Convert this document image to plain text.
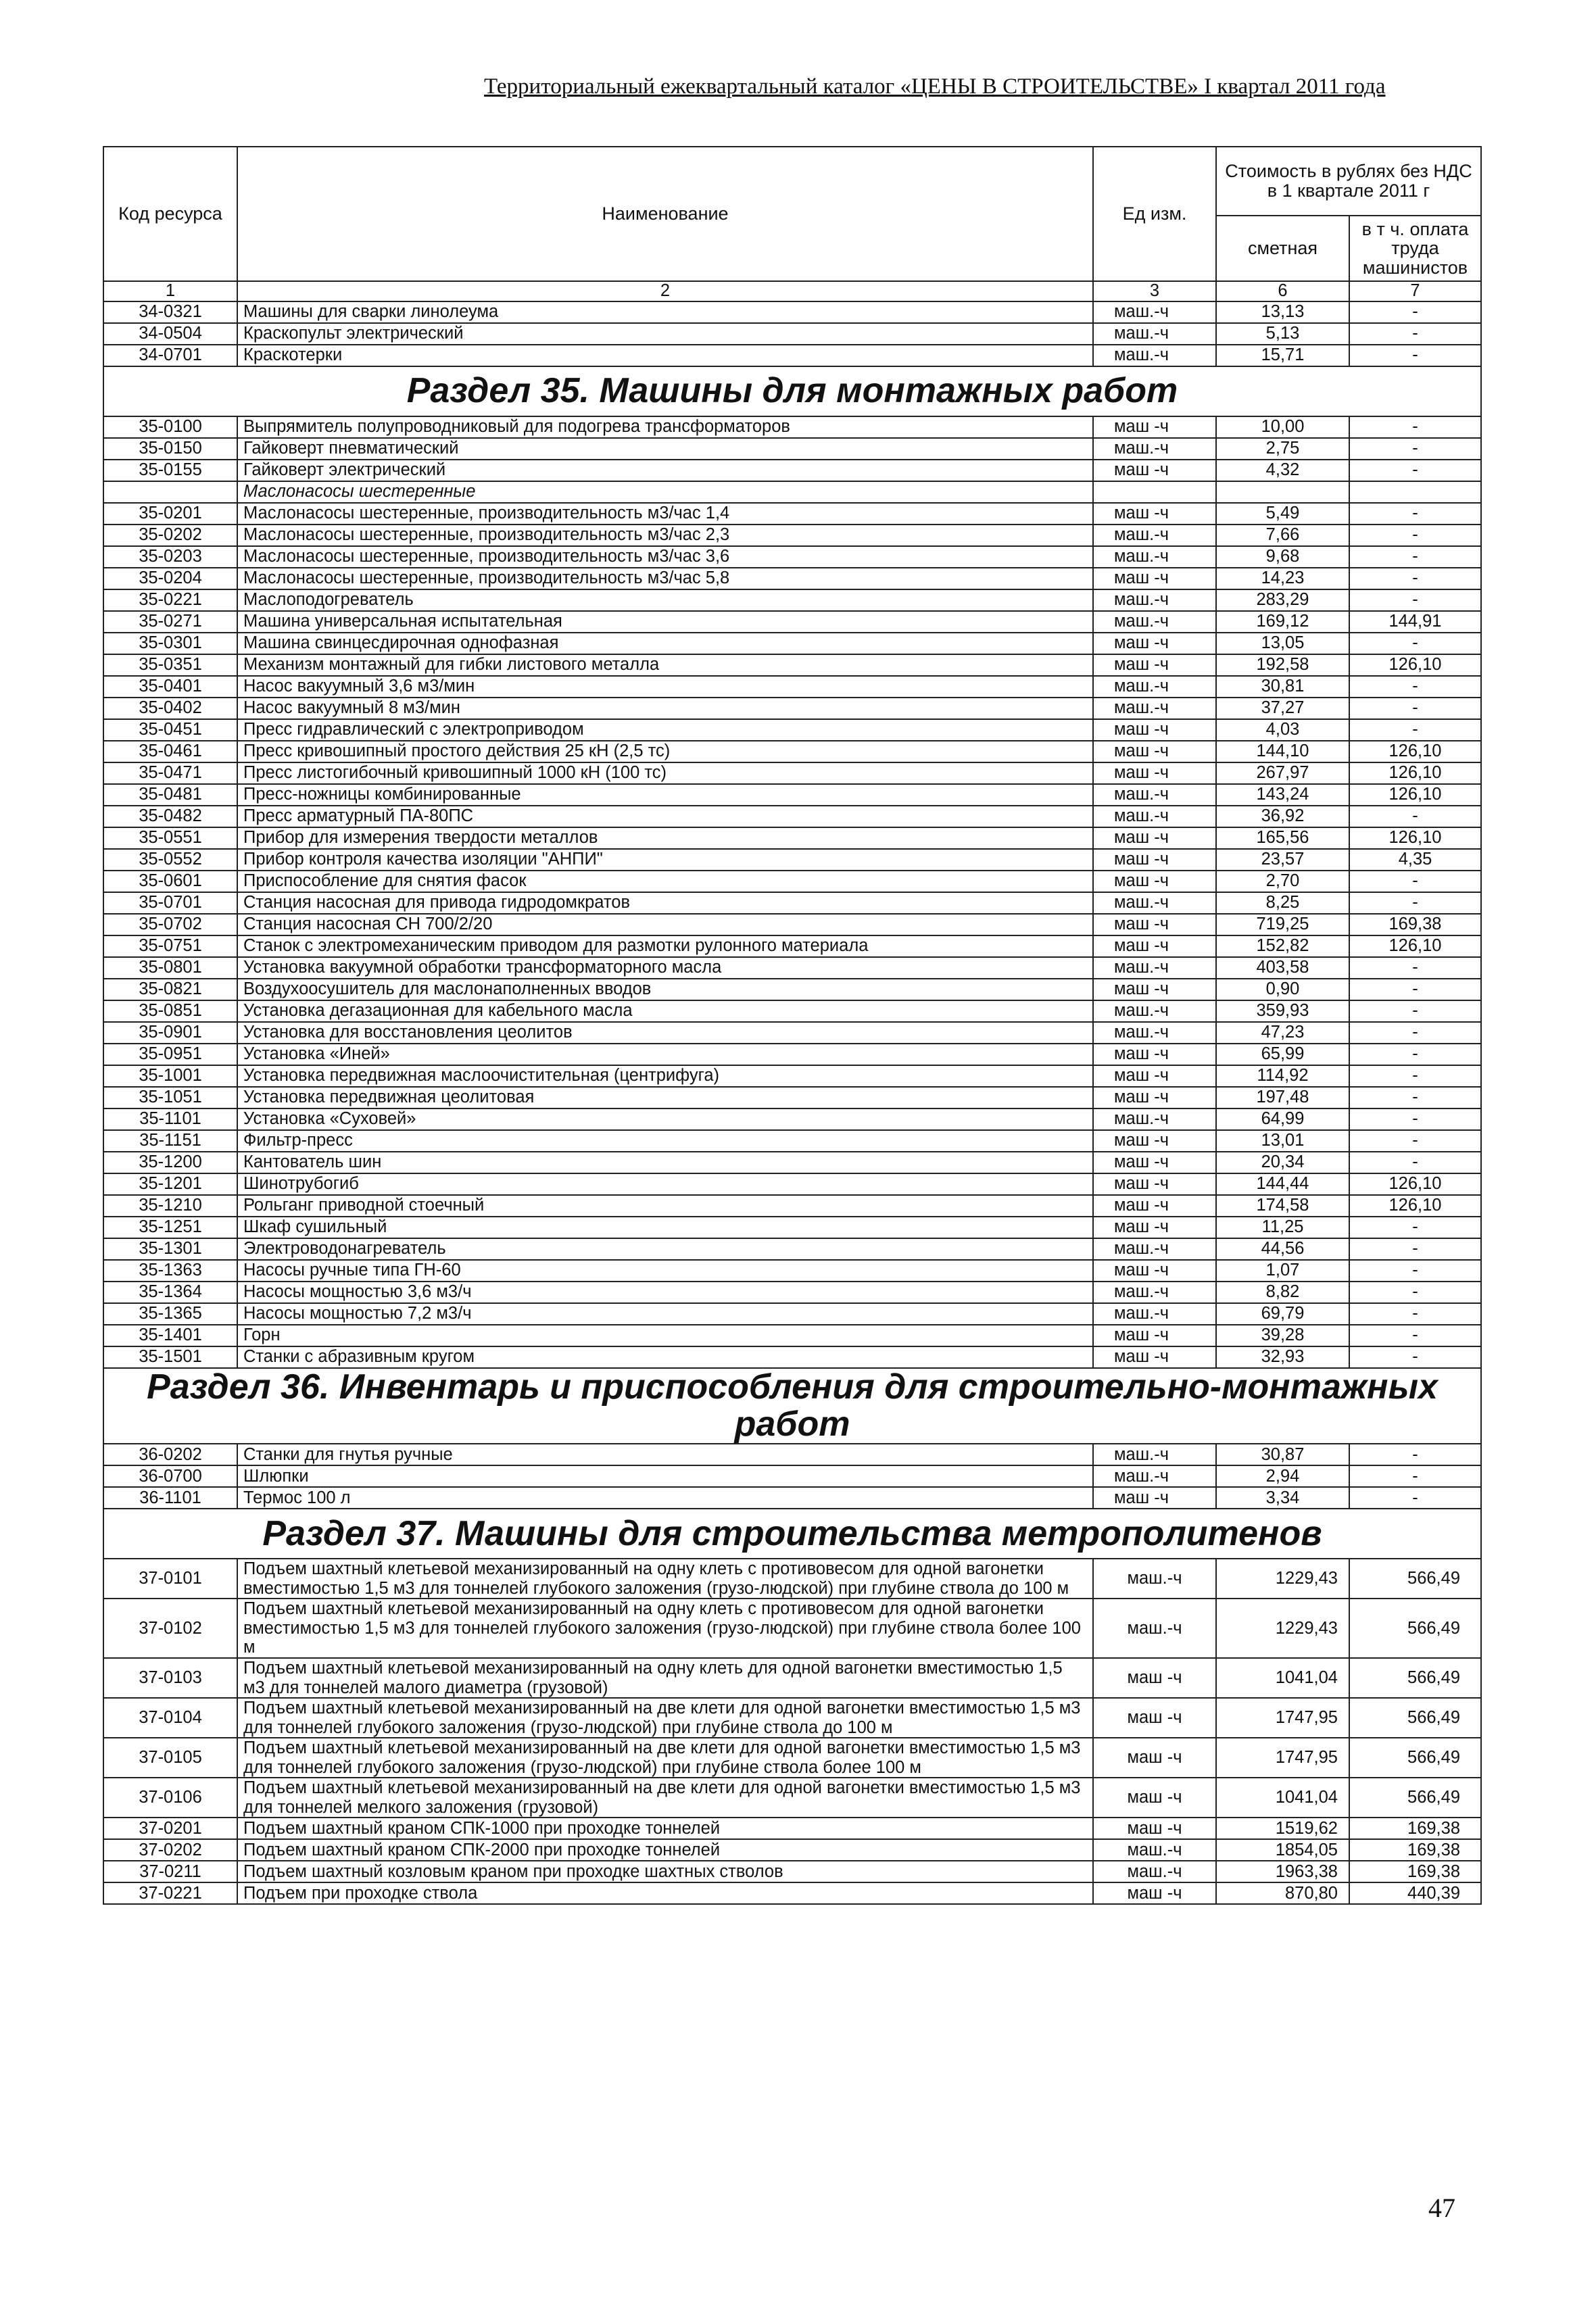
Территориальный ежеквартальный каталог «ЦЕНЫ В СТРОИТЕЛЬСТВЕ» I квартал 2011 года
Код ресурса	Наименование	Ед изм.	Стоимость в рублях без НДС в 1 квартале 2011 г	
			сметная	в т ч. оплата труда машинистов

1	2	3	6	7
34-0321	Машины для сварки линолеума	маш.-ч	13,13	-
34-0504	Краскопульт электрический	маш.-ч	5,13	-
34-0701	Краскотерки	маш.-ч	15,71	-
Раздел 35. Машины для монтажных работ				
35-0100	Выпрямитель полупроводниковый для подогрева трансформаторов	маш -ч	10,00	-
35-0150	Гайковерт пневматический	маш.-ч	2,75	-
35-0155	Гайковерт электрический	маш -ч	4,32	-
	Маслонасосы шестеренные			
35-0201	Маслонасосы шестеренные, производительность м3/час 1,4	маш -ч	5,49	-
35-0202	Маслонасосы шестеренные, производительность м3/час 2,3	маш.-ч	7,66	-
35-0203	Маслонасосы шестеренные, производительность м3/час 3,6	маш.-ч	9,68	-
35-0204	Маслонасосы шестеренные, производительность м3/час 5,8	маш -ч	14,23	-
35-0221	Маслоподогреватель	маш.-ч	283,29	-
35-0271	Машина универсальная испытательная	маш.-ч	169,12	144,91
35-0301	Машина свинцесдирочная однофазная	маш -ч	13,05	-
35-0351	Механизм монтажный для гибки листового металла	маш -ч	192,58	126,10
35-0401	Насос вакуумный 3,6 м3/мин	маш.-ч	30,81	-
35-0402	Насос вакуумный 8 м3/мин	маш.-ч	37,27	-
35-0451	Пресс гидравлический с электроприводом	маш -ч	4,03	-
35-0461	Пресс кривошипный простого действия 25 кН (2,5 тс)	маш -ч	144,10	126,10
35-0471	Пресс листогибочный кривошипный 1000 кН (100 тс)	маш -ч	267,97	126,10
35-0481	Пресс-ножницы комбинированные	маш.-ч	143,24	126,10
35-0482	Пресс арматурный ПА-80ПС	маш.-ч	36,92	-
35-0551	Прибор для измерения твердости металлов	маш -ч	165,56	126,10
35-0552	Прибор контроля качества изоляции "АНПИ"	маш -ч	23,57	4,35
35-0601	Приспособление для снятия фасок	маш -ч	2,70	-
35-0701	Станция насосная для привода гидродомкратов	маш.-ч	8,25	-
35-0702	Станция насосная СН 700/2/20	маш -ч	719,25	169,38
35-0751	Станок с электромеханическим приводом для размотки рулонного материала	маш -ч	152,82	126,10
35-0801	Установка вакуумной обработки трансформаторного масла	маш.-ч	403,58	-
35-0821	Воздухоосушитель для маслонаполненных вводов	маш -ч	0,90	-
35-0851	Установка дегазационная для кабельного масла	маш.-ч	359,93	-
35-0901	Установка для восстановления цеолитов	маш.-ч	47,23	-
35-0951	Установка «Иней»	маш -ч	65,99	-
35-1001	Установка передвижная маслоочистительная (центрифуга)	маш -ч	114,92	-
35-1051	Установка передвижная цеолитовая	маш -ч	197,48	-
35-1101	Установка «Суховей»	маш.-ч	64,99	-
35-1151	Фильтр-пресс	маш -ч	13,01	-
35-1200	Кантователь шин	маш -ч	20,34	-
35-1201	Шинотрубогиб	маш -ч	144,44	126,10
35-1210	Рольганг приводной стоечный	маш -ч	174,58	126,10
35-1251	Шкаф сушильный	маш -ч	11,25	-
35-1301	Электроводонагреватель	маш.-ч	44,56	-
35-1363	Насосы ручные типа ГН-60	маш -ч	1,07	-
35-1364	Насосы мощностью 3,6 м3/ч	маш.-ч	8,82	-
35-1365	Насосы мощностью 7,2 м3/ч	маш.-ч	69,79	-
35-1401	Горн	маш -ч	39,28	-
35-1501	Станки с абразивным кругом	маш -ч	32,93	-
Раздел 36. Инвентарь и приспособления для строительно-монтажных работ				
36-0202	Станки для гнутья ручные	маш.-ч	30,87	-
36-0700	Шлюпки	маш.-ч	2,94	-
36-1101	Термос 100 л	маш -ч	3,34	-
Раздел 37. Машины для строительства метрополитенов				
37-0101	Подъем шахтный клетьевой механизированный на одну клеть с противовесом для одной вагонетки вместимостью 1,5 м3 для тоннелей глубокого заложения (грузо-людской) при глубине ствола до 100 м	маш.-ч	1229,43	566,49
37-0102	Подъем шахтный клетьевой механизированный на одну клеть с противовесом для одной вагонетки вместимостью 1,5 м3 для тоннелей глубокого заложения (грузо-людской) при глубине ствола более 100 м	маш.-ч	1229,43	566,49
37-0103	Подъем шахтный клетьевой механизированный на одну клеть для одной вагонетки вместимостью 1,5 м3 для тоннелей малого диаметра (грузовой)	маш -ч	1041,04	566,49
37-0104	Подъем шахтный клетьевой механизированный на две клети для одной вагонетки вместимостью 1,5 м3 для тоннелей глубокого заложения (грузо-людской) при глубине ствола до 100 м	маш -ч	1747,95	566,49
37-0105	Подъем шахтный клетьевой механизированный на две клети для одной вагонетки вместимостью 1,5 м3 для тоннелей глубокого заложения (грузо-людской) при глубине ствола более 100 м	маш -ч	1747,95	566,49
37-0106	Подъем шахтный клетьевой механизированный на две клети для одной вагонетки вместимостью 1,5 м3 для тоннелей мелкого заложения (грузовой)	маш -ч	1041,04	566,49
37-0201	Подъем шахтный краном СПК-1000 при проходке тоннелей	маш -ч	1519,62	169,38
37-0202	Подъем шахтный краном СПК-2000 при проходке тоннелей	маш.-ч	1854,05	169,38
37-0211	Подъем шахтный козловым краном при проходке шахтных стволов	маш.-ч	1963,38	169,38
37-0221	Подъем при проходке ствола	маш -ч	870,80	440,39
47
